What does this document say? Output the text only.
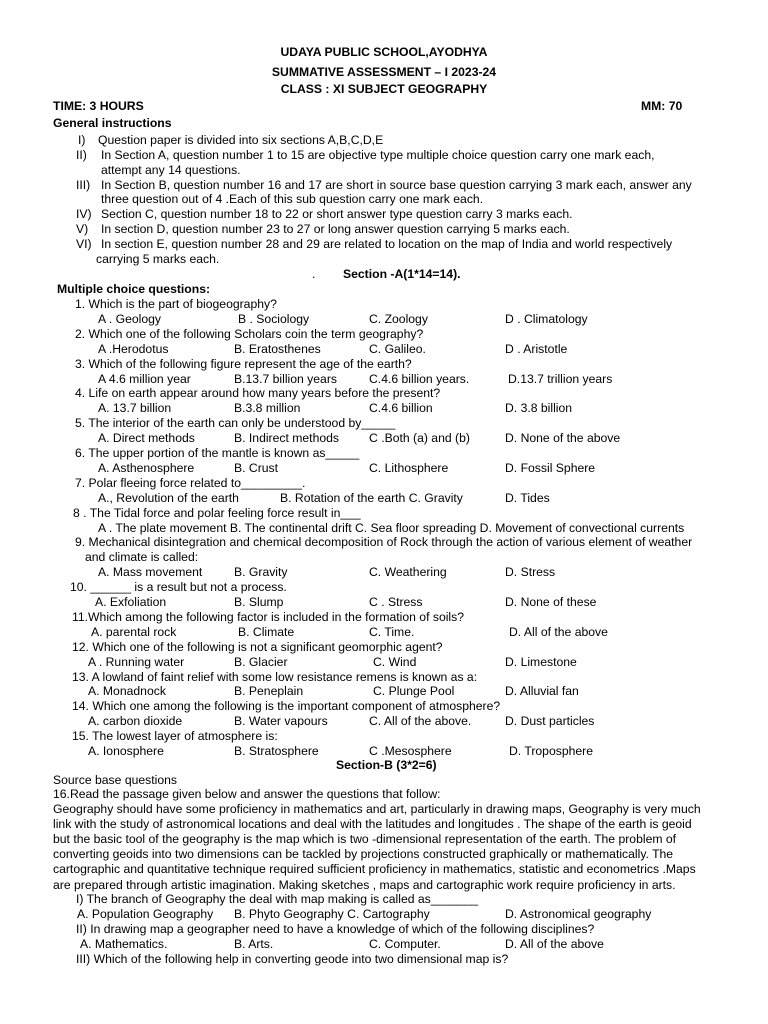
UDAYA PUBLIC SCHOOL,AYODHYA
SUMMATIVE ASSESSMENT – I 2023-24
CLASS : XI SUBJECT GEOGRAPHY
TIME: 3 HOURS	MM: 70
General instructions
I) Question paper is divided into six sections A,B,C,D,E
II) In Section A, question number 1 to 15 are objective type multiple choice question carry one mark each,
attempt any 14 questions.
III) In Section B, question number 16 and 17 are short in source base question carrying 3 mark each, answer any
three question out of 4 .Each of this sub question carry one mark each.
IV) Section C, question number 18 to 22 or short answer type question carry 3 marks each.
V) In section D, question number 23 to 27 or long answer question carrying 5 marks each.
VI) In section E, question number 28 and 29 are related to location on the map of India and world respectively
carrying 5 marks each.
. Section -A(1*14=14).
Multiple choice questions:
1. Which is the part of biogeography?
A . Geology	B . Sociology	C. Zoology	D . Climatology
2. Which one of the following Scholars coin the term geography?
A .Herodotus	B. Eratosthenes	C. Galileo.	D . Aristotle
3. Which of the following figure represent the age of the earth?
A 4.6 million year	B.13.7 billion years	C.4.6 billion years.	D.13.7 trillion years
4. Life on earth appear around how many years before the present?
A. 13.7 billion	B.3.8 million	C.4.6 billion	D. 3.8 billion
5. The interior of the earth can only be understood by_____
A. Direct methods	B. Indirect methods C .Both (a) and (b)	D. None of the above
6. The upper portion of the mantle is known as_____
A. Asthenosphere	B. Crust	C. Lithosphere	D. Fossil Sphere
7. Polar fleeing force related to_________.
A., Revolution of the earth	B. Rotation of the earth C. Gravity	D. Tides
8 . The Tidal force and polar feeling force result in___
A . The plate movement B. The continental drift C. Sea floor spreading D. Movement of convectional currents
9. Mechanical disintegration and chemical decomposition of Rock through the action of various element of weather
and climate is called:
A. Mass movement	B. Gravity	C. Weathering	D. Stress
10. ______ is a result but not a process.
A. Exfoliation	B. Slump	C . Stress	D. None of these
11.Which among the following factor is included in the formation of soils?
A. parental rock	B. Climate	C. Time.	D. All of the above
12. Which one of the following is not a significant geomorphic agent?
A . Running water	B. Glacier	C. Wind	D. Limestone
13. A lowland of faint relief with some low resistance remens is known as a:
A. Monadnock	B. Peneplain	C. Plunge Pool	D. Alluvial fan
14. Which one among the following is the important component of atmosphere?
A. carbon dioxide	B. Water vapours	C. All of the above.	D. Dust particles
15. The lowest layer of atmosphere is:
A. Ionosphere	B. Stratosphere	C .Mesosphere	D. Troposphere
Section-B (3*2=6)
Source base questions
16.Read the passage given below and answer the questions that follow:
Geography should have some proficiency in mathematics and art, particularly in drawing maps, Geography is very much
link with the study of astronomical locations and deal with the latitudes and longitudes . The shape of the earth is geoid
but the basic tool of the geography is the map which is two -dimensional representation of the earth. The problem of
converting geoids into two dimensions can be tackled by projections constructed graphically or mathematically. The
cartographic and quantitative technique required sufficient proficiency in mathematics, statistic and econometrics .Maps
are prepared through artistic imagination. Making sketches , maps and cartographic work require proficiency in arts.
I) The branch of Geography the deal with map making is called as_______
A. Population Geography B. Phyto Geography C. Cartography	D. Astronomical geography
II) In drawing map a geographer need to have a knowledge of which of the following disciplines?
A. Mathematics.	B. Arts.	C. Computer.	D. All of the above
III) Which of the following help in converting geode into two dimensional map is?
